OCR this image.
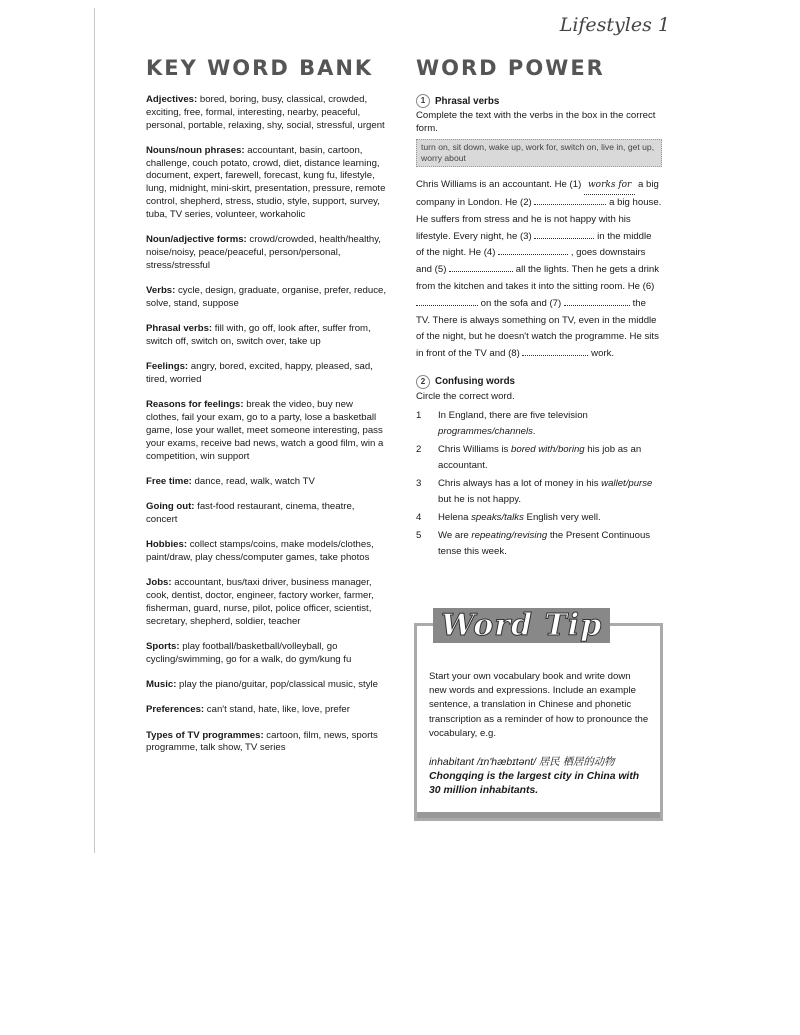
Lifestyles 1
KEY WORD BANK

Adjectives: bored, boring, busy, classical, crowded, exciting, free, formal, interesting, nearby, peaceful, personal, portable, relaxing, shy, social, stressful, urgent

Nouns/noun phrases: accountant, basin, cartoon, challenge, couch potato, crowd, diet, distance learning, document, expert, farewell, forecast, kung fu, lifestyle, lung, midnight, mini-skirt, presentation, pressure, remote control, shepherd, stress, studio, style, support, survey, tuba, TV series, volunteer, workaholic

Noun/adjective forms: crowd/crowded, health/healthy, noise/noisy, peace/peaceful, person/personal, stress/stressful

Verbs: cycle, design, graduate, organise, prefer, reduce, solve, stand, suppose

Phrasal verbs: fill with, go off, look after, suffer from, switch off, switch on, switch over, take up

Feelings: angry, bored, excited, happy, pleased, sad, tired, worried

Reasons for feelings: break the video, buy new clothes, fail your exam, go to a party, lose a basketball game, lose your wallet, meet someone interesting, pass your exams, receive bad news, watch a good film, win a competition, win support

Free time: dance, read, walk, watch TV

Going out: fast-food restaurant, cinema, theatre, concert

Hobbies: collect stamps/coins, make models/clothes, paint/draw, play chess/computer games, take photos

Jobs: accountant, bus/taxi driver, business manager, cook, dentist, doctor, engineer, factory worker, farmer, fisherman, guard, nurse, pilot, police officer, scientist, secretary, shepherd, soldier, teacher

Sports: play football/basketball/volleyball, go cycling/swimming, go for a walk, do gym/kung fu

Music: play the piano/guitar, pop/classical music, style

Preferences: can't stand, hate, like, love, prefer

Types of TV programmes: cartoon, film, news, sports programme, talk show, TV series

WORD POWER
1 Phrasal verbs
Complete the text with the verbs in the box in the correct form.
turn on, sit down, wake up, work for, switch on, live in, get up, worry about
Chris Williams is an accountant. He (1) works for a big company in London. He (2)	a big house. He suffers from stress and he is not happy with his lifestyle. Every night, he (3)	in the middle of the night. He (4)	, goes downstairs and (5)	all the lights. Then he gets a drink from the kitchen and takes it into the sitting room. He (6)  on the sofa and (7)	the TV. There is always something on TV, even in the middle of the night, but he doesn't watch the programme. He sits in front of the TV and (8)	work.
2 Confusing words
Circle the correct word.
1	In England, there are five television programmes/channels.
2	Chris Williams is bored with/boring his job as an accountant.
3	Chris always has a lot of money in his wallet/purse but he is not happy.
4	Helena speaks/talks English very well.
5	We are repeating/revising the Present Continuous tense this week.
Word Tip
Start your own vocabulary book and write down new words and expressions. Include an example sentence, a translation in Chinese and phonetic transcription as a reminder of how to pronounce the vocabulary, e.g.
inhabitant /ɪn'hæbɪtənt/ 居民 栖居的动物
Chongqing is the largest city in China with 30 million inhabitants.
